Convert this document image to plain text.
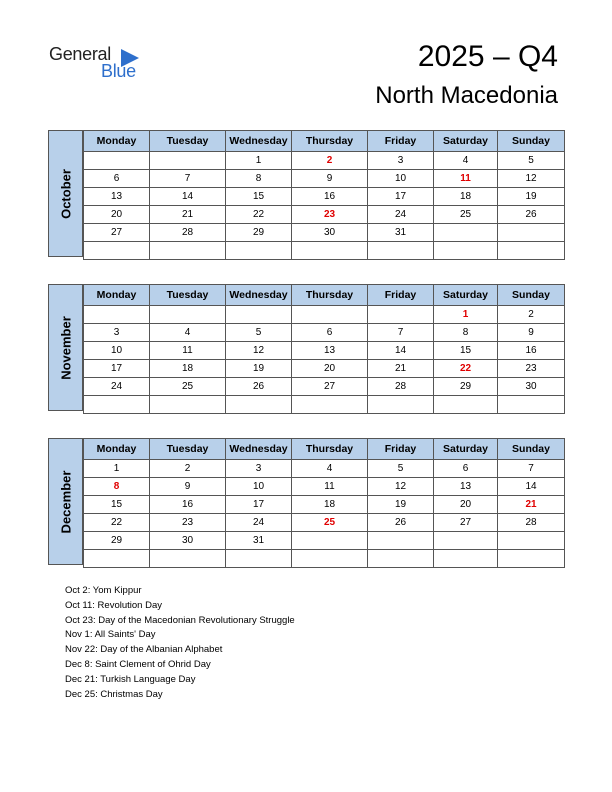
General
Blue	2025 – Q4
North Macedonia
October
Monday	Tuesday	Wednesday	Thursday	Friday	Saturday	Sunday
		1	2	3	4	5
6	7	8	9	10	11	12
13	14	15	16	17	18	19
20	21	22	23	24	25	26
27	28	29	30	31		

November
Monday	Tuesday	Wednesday	Thursday	Friday	Saturday	Sunday
					1	2
3	4	5	6	7	8	9
10	11	12	13	14	15	16
17	18	19	20	21	22	23
24	25	26	27	28	29	30

December
Monday	Tuesday	Wednesday	Thursday	Friday	Saturday	Sunday
1	2	3	4	5	6	7
8	9	10	11	12	13	14
15	16	17	18	19	20	21
22	23	24	25	26	27	28
29	30	31				

Oct 2: Yom Kippur
Oct 11: Revolution Day
Oct 23: Day of the Macedonian Revolutionary Struggle
Nov 1: All Saints' Day
Nov 22: Day of the Albanian Alphabet
Dec 8: Saint Clement of Ohrid Day
Dec 21: Turkish Language Day
Dec 25: Christmas Day
